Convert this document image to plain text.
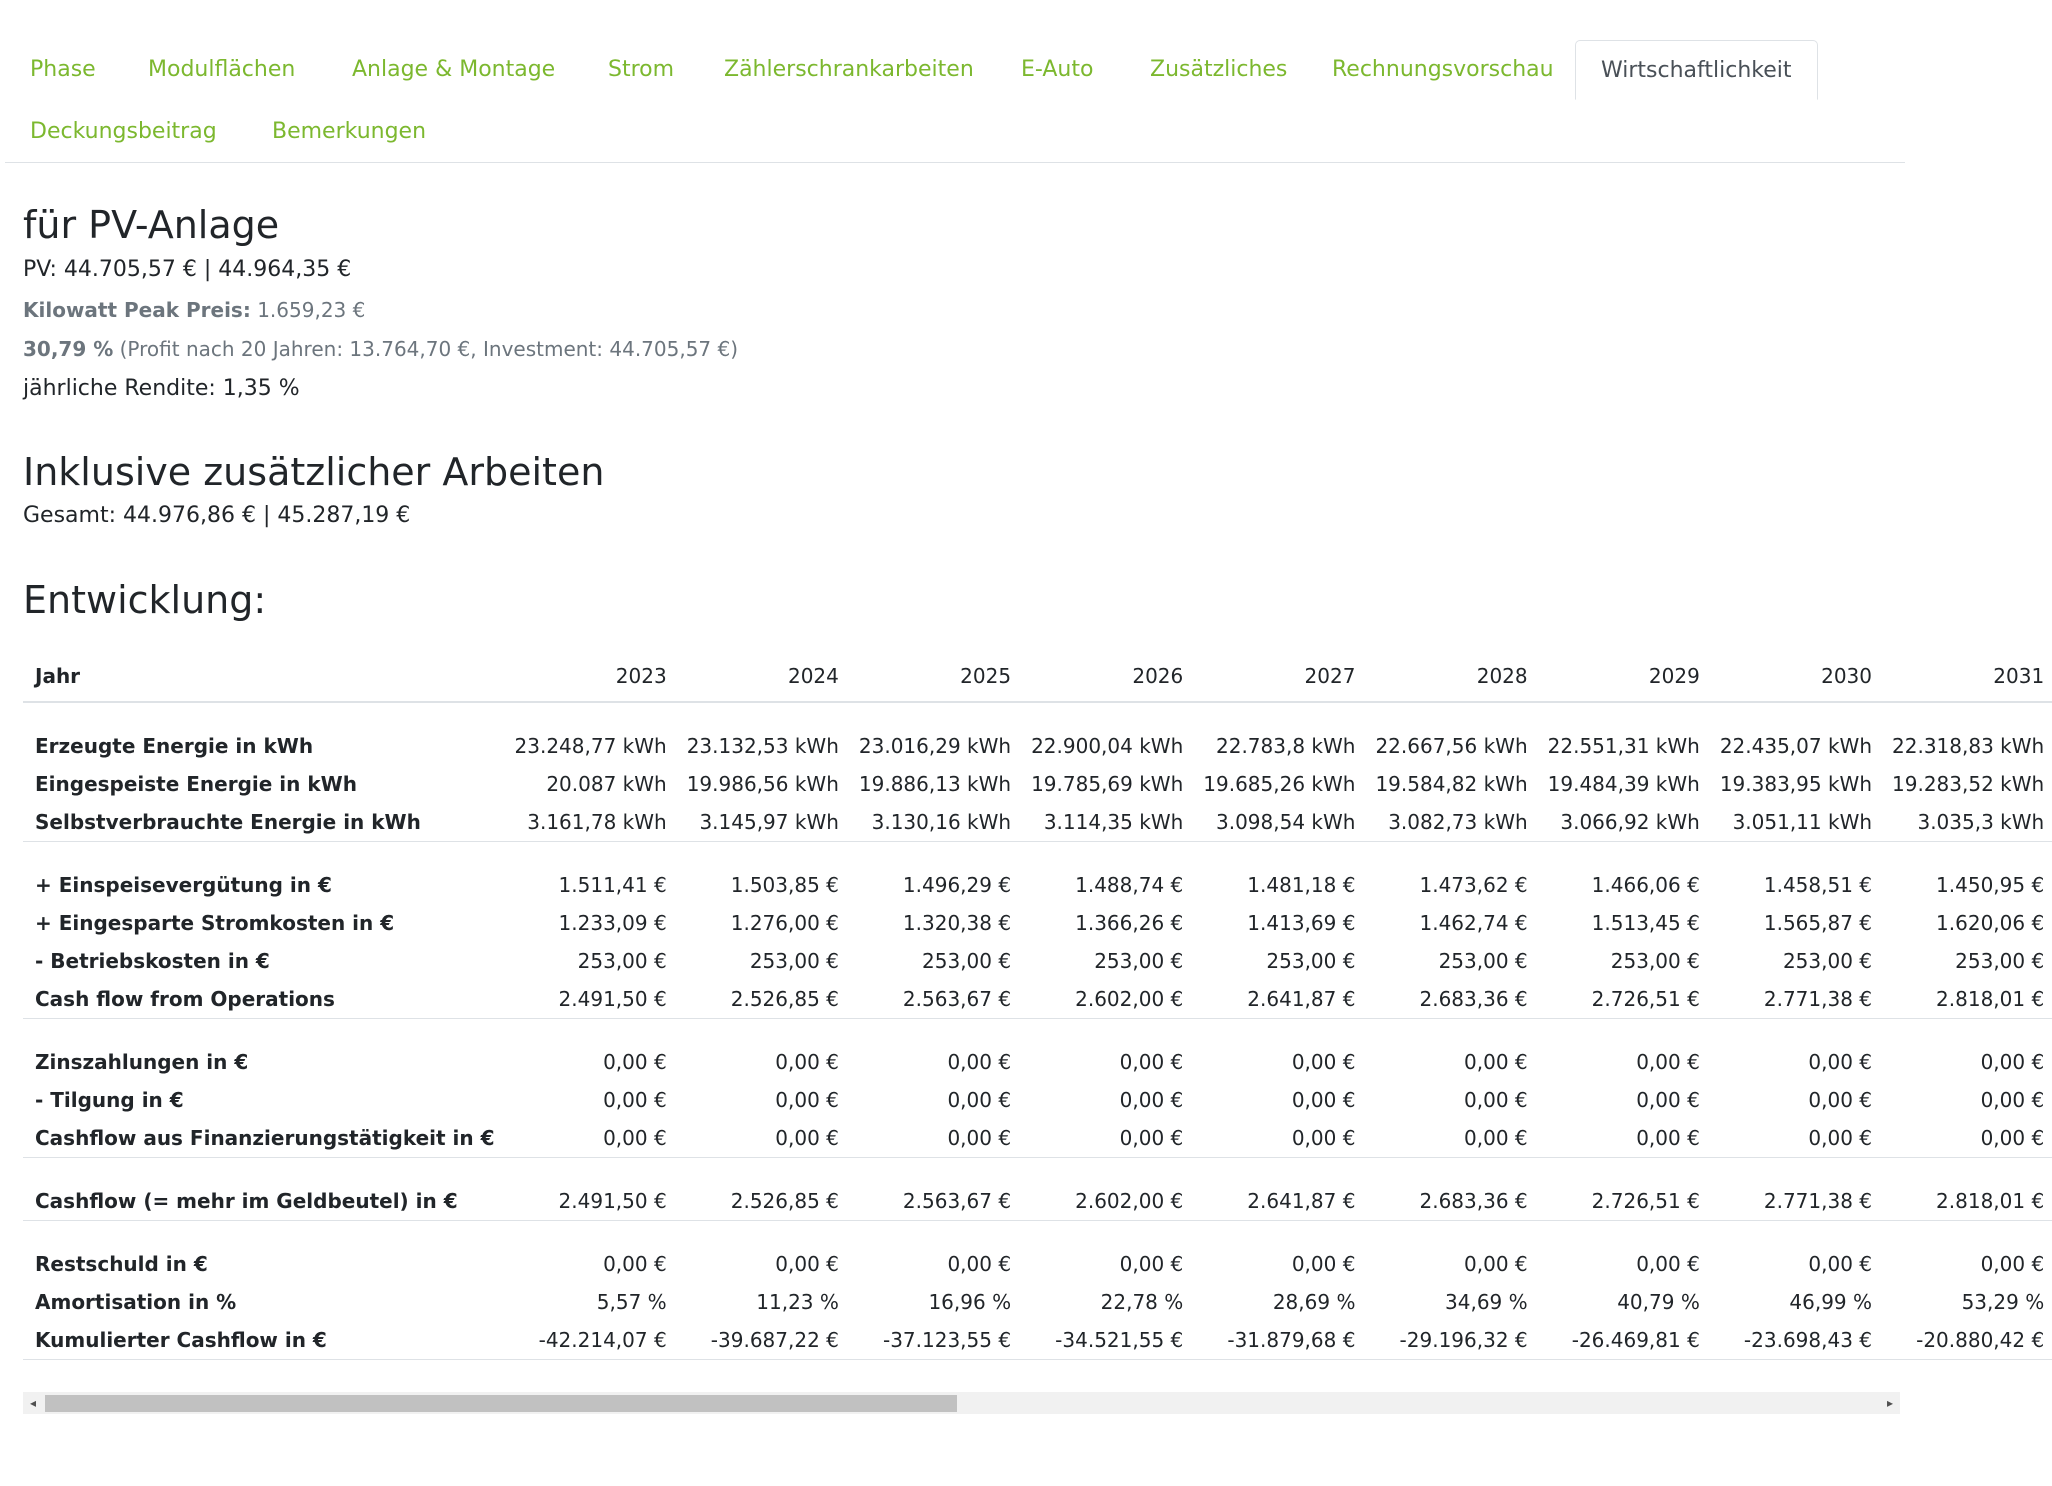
Phase	Modulflächen	Anlage & Montage	Strom	Zählerschrankarbeiten	E-Auto	Zusätzliches	Rechnungsvorschau	Wirtschaftlichkeit
Deckungsbeitrag	Bemerkungen
für PV-Anlage
PV: 44.705,57 € | 44.964,35 €
Kilowatt Peak Preis: 1.659,23 €
30,79 % (Profit nach 20 Jahren: 13.764,70 €, Investment: 44.705,57 €)
jährliche Rendite: 1,35 %
Inklusive zusätzlicher Arbeiten
Gesamt: 44.976,86 € | 45.287,19 €
Entwicklung:
Jahr	2023	2024	2025	2026	2027	2028	2029	2030	2031

Erzeugte Energie in kWh	23.248,77 kWh	23.132,53 kWh	23.016,29 kWh	22.900,04 kWh	22.783,8 kWh	22.667,56 kWh	22.551,31 kWh	22.435,07 kWh	22.318,83 kWh
Eingespeiste Energie in kWh	20.087 kWh	19.986,56 kWh	19.886,13 kWh	19.785,69 kWh	19.685,26 kWh	19.584,82 kWh	19.484,39 kWh	19.383,95 kWh	19.283,52 kWh
Selbstverbrauchte Energie in kWh	3.161,78 kWh	3.145,97 kWh	3.130,16 kWh	3.114,35 kWh	3.098,54 kWh	3.082,73 kWh	3.066,92 kWh	3.051,11 kWh	3.035,3 kWh

+ Einspeisevergütung in €	1.511,41 €	1.503,85 €	1.496,29 €	1.488,74 €	1.481,18 €	1.473,62 €	1.466,06 €	1.458,51 €	1.450,95 €
+ Eingesparte Stromkosten in €	1.233,09 €	1.276,00 €	1.320,38 €	1.366,26 €	1.413,69 €	1.462,74 €	1.513,45 €	1.565,87 €	1.620,06 €
- Betriebskosten in €	253,00 €	253,00 €	253,00 €	253,00 €	253,00 €	253,00 €	253,00 €	253,00 €	253,00 €
Cash flow from Operations	2.491,50 €	2.526,85 €	2.563,67 €	2.602,00 €	2.641,87 €	2.683,36 €	2.726,51 €	2.771,38 €	2.818,01 €

Zinszahlungen in €	0,00 €	0,00 €	0,00 €	0,00 €	0,00 €	0,00 €	0,00 €	0,00 €	0,00 €
- Tilgung in €	0,00 €	0,00 €	0,00 €	0,00 €	0,00 €	0,00 €	0,00 €	0,00 €	0,00 €
Cashflow aus Finanzierungstätigkeit in €	0,00 €	0,00 €	0,00 €	0,00 €	0,00 €	0,00 €	0,00 €	0,00 €	0,00 €

Cashflow (= mehr im Geldbeutel) in €	2.491,50 €	2.526,85 €	2.563,67 €	2.602,00 €	2.641,87 €	2.683,36 €	2.726,51 €	2.771,38 €	2.818,01 €

Restschuld in €	0,00 €	0,00 €	0,00 €	0,00 €	0,00 €	0,00 €	0,00 €	0,00 €	0,00 €
Amortisation in %	5,57 %	11,23 %	16,96 %	22,78 %	28,69 %	34,69 %	40,79 %	46,99 %	53,29 %
Kumulierter Cashflow in €	-42.214,07 €	-39.687,22 €	-37.123,55 €	-34.521,55 €	-31.879,68 €	-29.196,32 €	-26.469,81 €	-23.698,43 €	-20.880,42 €

◂	▸
